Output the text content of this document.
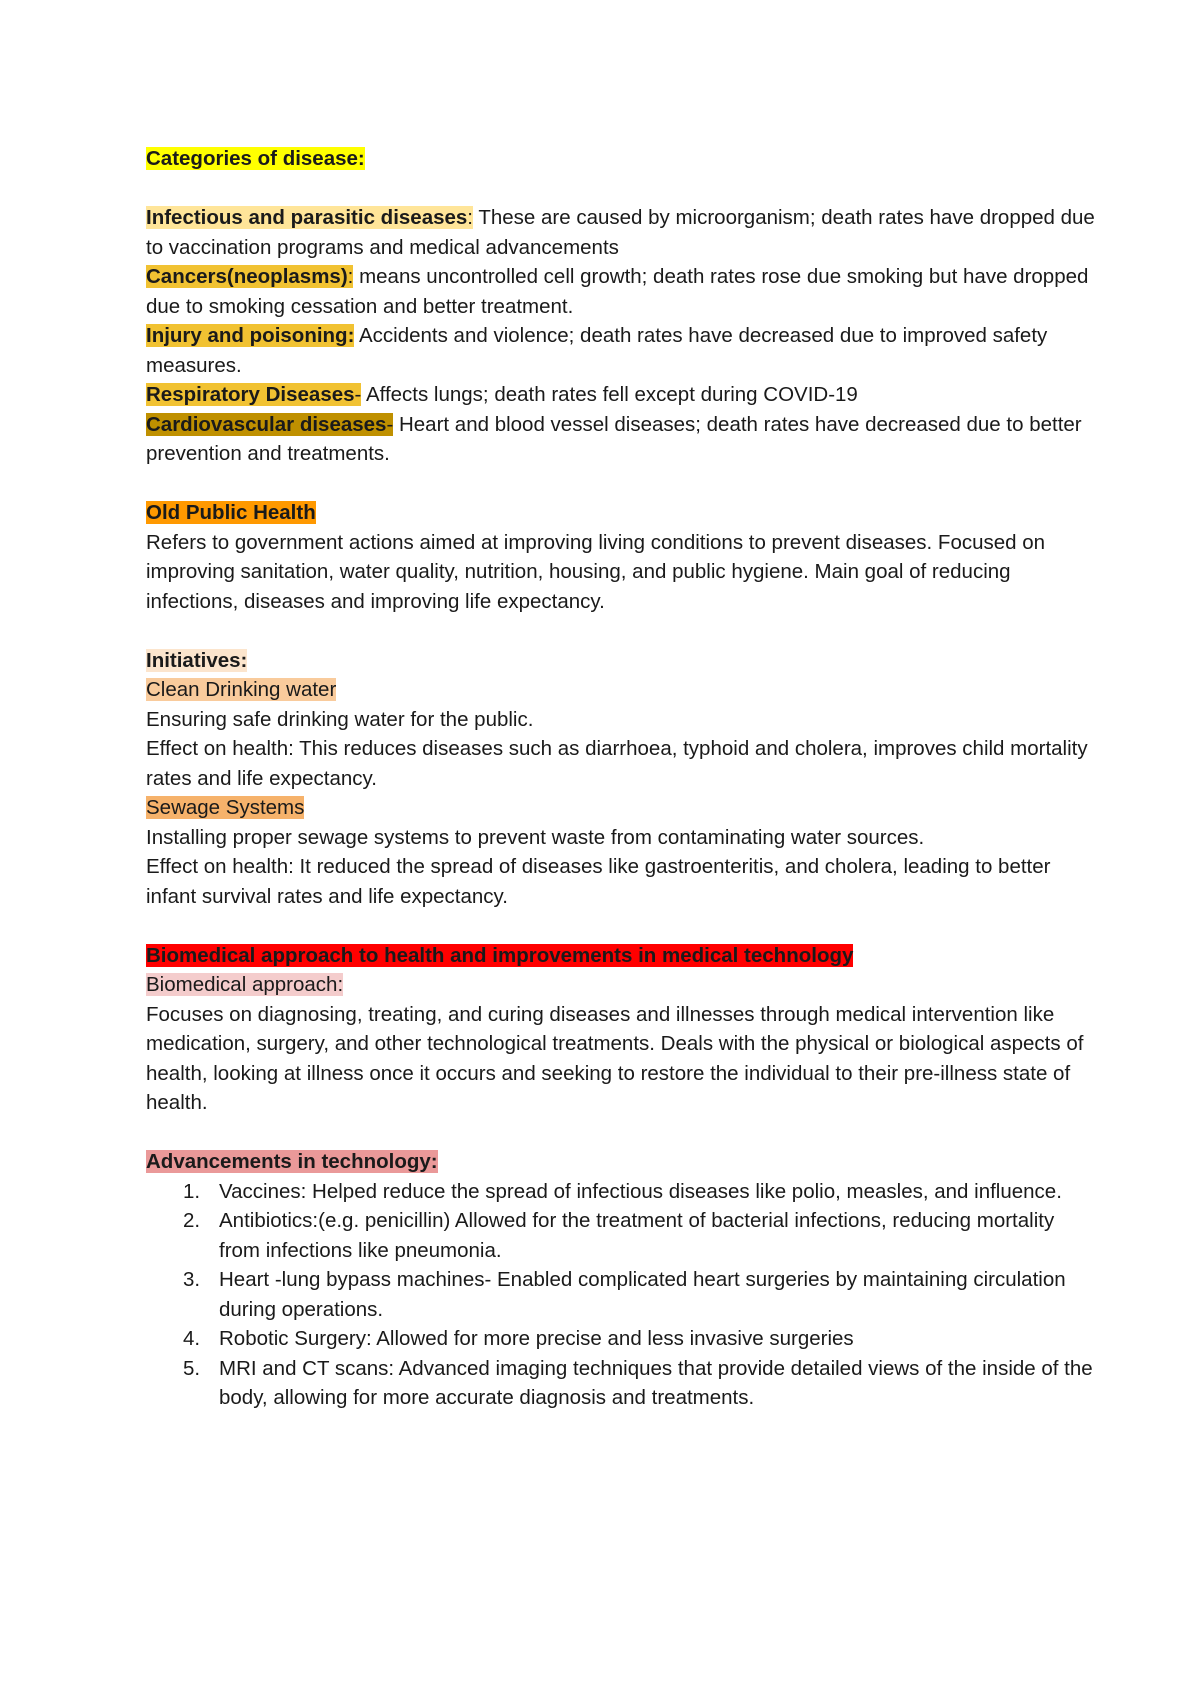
Categories of disease:

Infectious and parasitic diseases: These are caused by microorganism; death rates have dropped due to vaccination programs and medical advancements

Cancers(neoplasms): means uncontrolled cell growth; death rates rose due smoking but have dropped due to smoking cessation and better treatment.

Injury and poisoning: Accidents and violence; death rates have decreased due to improved safety measures.

Respiratory Diseases- Affects lungs; death rates fell except during COVID-19

Cardiovascular diseases- Heart and blood vessel diseases; death rates have decreased due to better prevention and treatments.

Old Public Health

Refers to government actions aimed at improving living conditions to prevent diseases. Focused on improving sanitation, water quality, nutrition, housing, and public hygiene. Main goal of reducing infections, diseases and improving life expectancy.

Initiatives:

Clean Drinking water

Ensuring safe drinking water for the public.

Effect on health: This reduces diseases such as diarrhoea, typhoid and cholera, improves child mortality rates and life expectancy.

Sewage Systems

Installing proper sewage systems to prevent waste from contaminating water sources.

Effect on health: It reduced the spread of diseases like gastroenteritis, and cholera, leading to better infant survival rates and life expectancy.

Biomedical approach to health and improvements in medical technology

Biomedical approach:

Focuses on diagnosing, treating, and curing diseases and illnesses through medical intervention like medication, surgery, and other technological treatments. Deals with the physical or biological aspects of health, looking at illness once it occurs and seeking to restore the individual to their pre-illness state of health.

Advancements in technology:

1. Vaccines: Helped reduce the spread of infectious diseases like polio, measles, and influence.
2. Antibiotics:(e.g. penicillin) Allowed for the treatment of bacterial infections, reducing mortality from infections like pneumonia.
3. Heart -lung bypass machines- Enabled complicated heart surgeries by maintaining circulation during operations.
4. Robotic Surgery: Allowed for more precise and less invasive surgeries
5. MRI and CT scans: Advanced imaging techniques that provide detailed views of the inside of the body, allowing for more accurate diagnosis and treatments.
